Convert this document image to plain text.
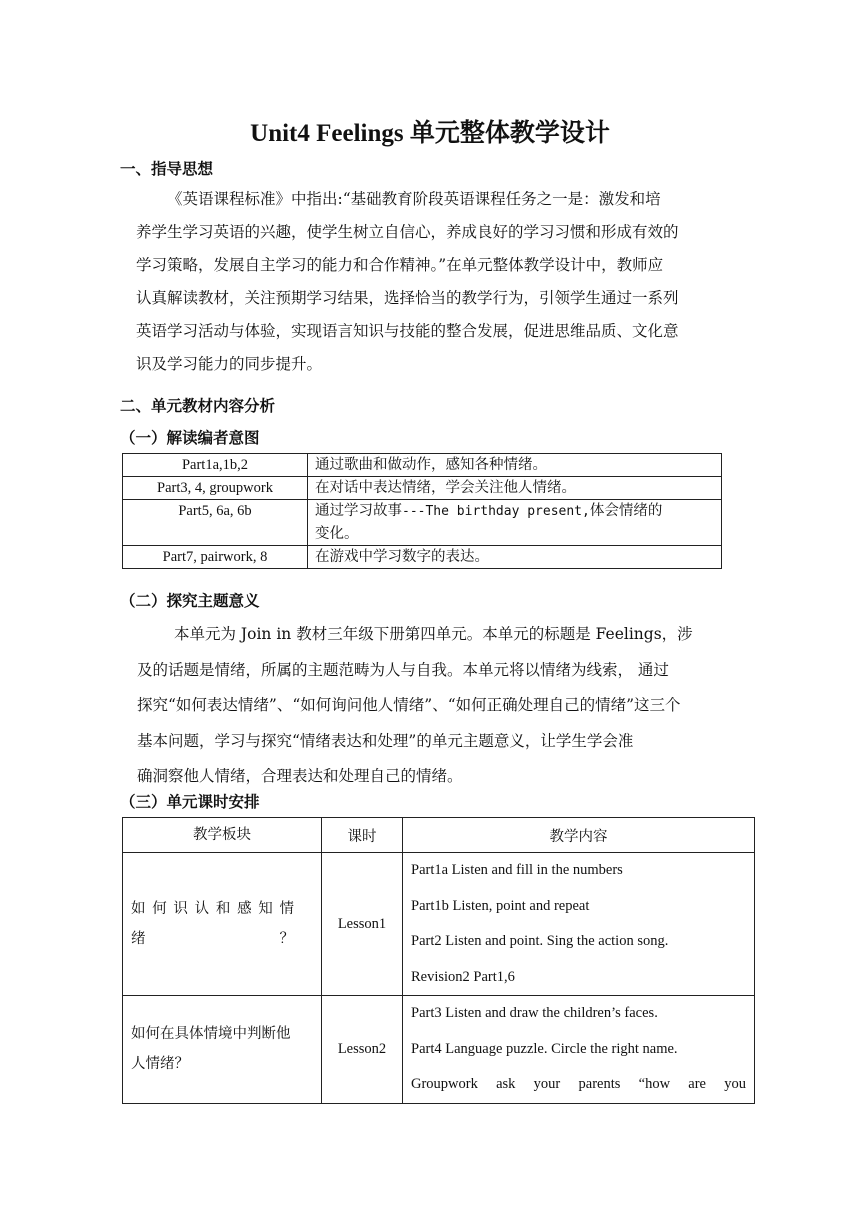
Unit4 Feelings 单元整体教学设计
一、指导思想
《英语课程标准》中指出:“基础教育阶段英语课程任务之一是：激发和培
养学生学习英语的兴趣，使学生树立自信心，养成良好的学习习惯和形成有效的
学习策略，发展自主学习的能力和合作精神。”在单元整体教学设计中，教师应
认真解读教材，关注预期学习结果，选择恰当的教学行为，引领学生通过一系列
英语学习活动与体验，实现语言知识与技能的整合发展，促进思维品质、文化意
识及学习能力的同步提升。
二、单元教材内容分析
（一）解读编者意图
Part1a,1b,2	通过歌曲和做动作，感知各种情绪。
Part3, 4, groupwork	在对话中表达情绪，学会关注他人情绪。
Part5, 6a, 6b	通过学习故事---The birthday present,体会情绪的
变化。
Part7, pairwork, 8	在游戏中学习数字的表达。
（二）探究主题意义
本单元为 Join in 教材三年级下册第四单元。本单元的标题是 Feelings，涉
及的话题是情绪，所属的主题范畴为人与自我。本单元将以情绪为线索， 通过
探究“如何表达情绪”、“如何询问他人情绪”、“如何正确处理自己的情绪”这三个
基本问题，学习与探究“情绪表达和处理”的单元主题意义，让学生学会准
确洞察他人情绪，合理表达和处理自己的情绪。
（三）单元课时安排
教学板块	课时	教学内容

如何识认和感知情绪？	Lesson1	Part1a Listen and fill in the numbers
Part1b Listen, point and repeat
Part2 Listen and point. Sing the action song.
Revision2 Part1,6

如何在具体情境中判断他人情绪？	Lesson2	Part3 Listen and draw the children’s faces.
Part4 Language puzzle. Circle the right name.
Groupwork ask your parents “how are you
